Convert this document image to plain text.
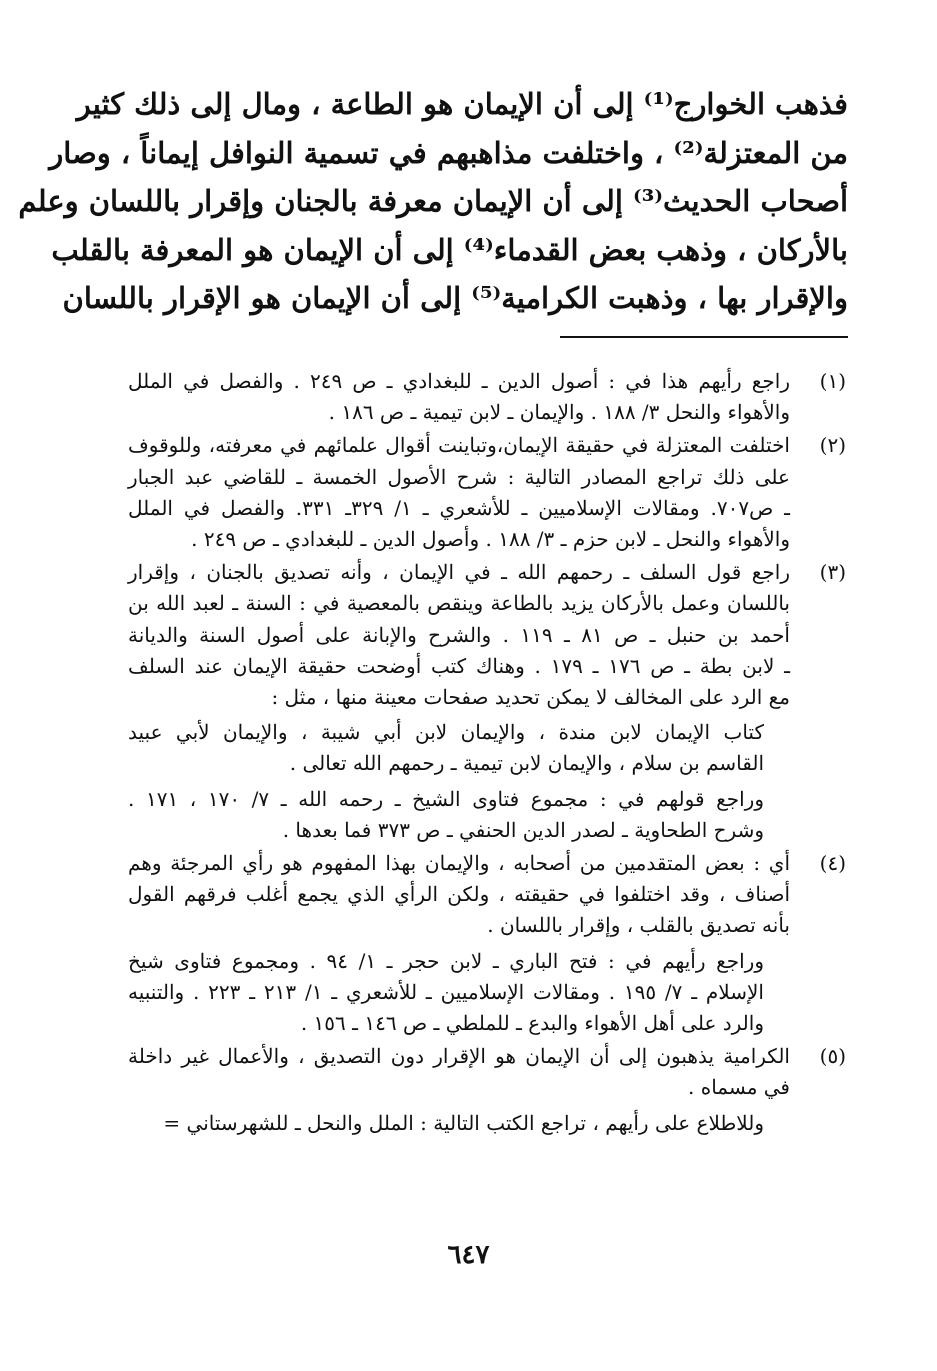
فذهب الخوارج⁽¹⁾ إلى أن الإيمان هو الطاعة ، ومال إلى ذلك كثير
من المعتزلة⁽²⁾ ، واختلفت مذاهبهم في تسمية النوافل إيماناً ، وصار
أصحاب الحديث⁽³⁾ إلى أن الإيمان معرفة بالجنان وإقرار باللسان وعلم
بالأركان ، وذهب بعض القدماء⁽⁴⁾ إلى أن الإيمان هو المعرفة بالقلب
والإقرار بها ، وذهبت الكرامية⁽⁵⁾ إلى أن الإيمان هو الإقرار باللسان
(١)
راجع رأيهم هذا في : أصول الدين ـ للبغدادي ـ ص ٢٤٩ . والفصل في الملل
والأهواء والنحل ٣/ ١٨٨ . والإيمان ـ لابن تيمية ـ ص ١٨٦ .
(٢)
اختلفت المعتزلة في حقيقة الإيمان،وتباينت أقوال علمائهم في معرفته، وللوقوف
على ذلك تراجع المصادر التالية : شرح الأصول الخمسة ـ للقاضي عبد الجبار
ـ ص٧٠٧. ومقالات الإسلاميين ـ للأشعري ـ ١/ ٣٢٩ـ ٣٣١. والفصل في الملل
والأهواء والنحل ـ لابن حزم ـ ٣/ ١٨٨ . وأصول الدين ـ للبغدادي ـ ص ٢٤٩ .
(٣)
راجع قول السلف ـ رحمهم الله ـ في الإيمان ، وأنه تصديق بالجنان ، وإقرار
باللسان وعمل بالأركان يزيد بالطاعة وينقص بالمعصية في : السنة ـ لعبد الله بن
أحمد بن حنبل ـ ص ٨١ ـ ١١٩ . والشرح والإبانة على أصول السنة والديانة
ـ لابن بطة ـ ص ١٧٦ ـ ١٧٩ . وهناك كتب أوضحت حقيقة الإيمان عند السلف
مع الرد على المخالف لا يمكن تحديد صفحات معينة منها ، مثل :
كتاب الإيمان لابن مندة ، والإيمان لابن أبي شيبة ، والإيمان لأبي عبيد
القاسم بن سلام ، والإيمان لابن تيمية ـ رحمهم الله تعالى .
وراجع قولهم في : مجموع فتاوى الشيخ ـ رحمه الله ـ ٧/ ١٧٠ ، ١٧١ .
وشرح الطحاوية ـ لصدر الدين الحنفي ـ ص ٣٧٣ فما بعدها .
(٤)
أي : بعض المتقدمين من أصحابه ، والإيمان بهذا المفهوم هو رأي المرجئة وهم
أصناف ، وقد اختلفوا في حقيقته ، ولكن الرأي الذي يجمع أغلب فرقهم القول
بأنه تصديق بالقلب ، وإقرار باللسان .
وراجع رأيهم في : فتح الباري ـ لابن حجر ـ ١/ ٩٤ . ومجموع فتاوى شيخ
الإسلام ـ ٧/ ١٩٥ . ومقالات الإسلاميين ـ للأشعري ـ ١/ ٢١٣ ـ ٢٢٣ . والتنبيه
والرد على أهل الأهواء والبدع ـ للملطي ـ ص ١٤٦ ـ ١٥٦ .
(٥)
الكرامية يذهبون إلى أن الإيمان هو الإقرار دون التصديق ، والأعمال غير داخلة
في مسماه .
وللاطلاع على رأيهم ، تراجع الكتب التالية : الملل والنحل ـ للشهرستاني =
٦٤٧
